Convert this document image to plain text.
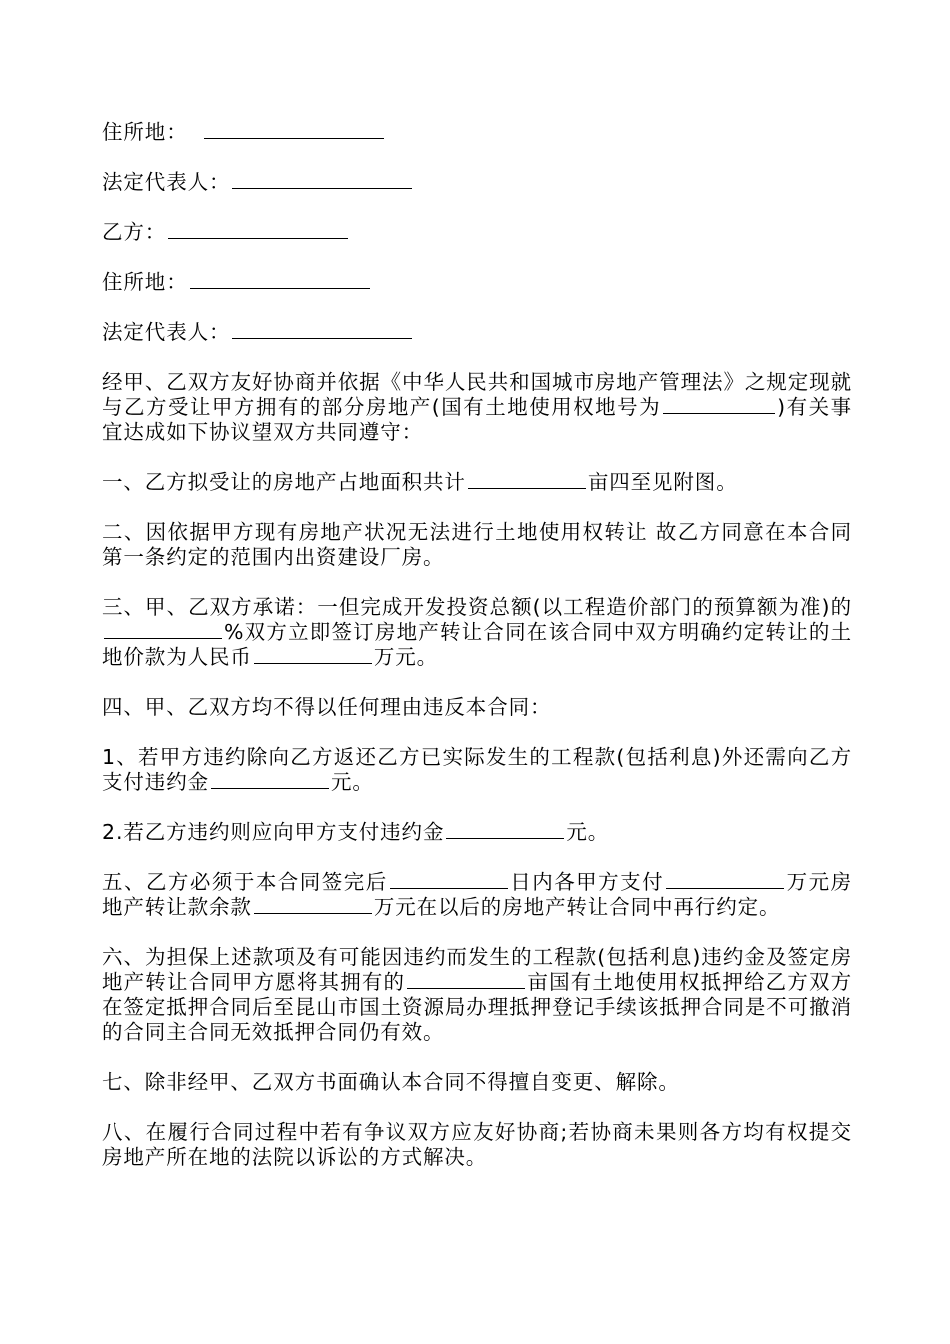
住所地：
法定代表人：
乙方：
住所地：
法定代表人：
经甲、乙双方友好协商并依据《中华人民共和国城市房地产管理法》之规定现就与乙方受让甲方拥有的部分房地产(国有土地使用权地号为	)有关事宜达成如下协议望双方共同遵守：
一、乙方拟受让的房地产占地面积共计	亩四至见附图。
二、因依据甲方现有房地产状况无法进行土地使用权转让 故乙方同意在本合同第一条约定的范围内出资建设厂房。
三、甲、乙双方承诺：一但完成开发投资总额(以工程造价部门的预算额为准)的%双方立即签订房地产转让合同在该合同中双方明确约定转让的土地价款为人民币	万元。
四、甲、乙双方均不得以任何理由违反本合同：
1、若甲方违约除向乙方返还乙方已实际发生的工程款(包括利息)外还需向乙方支付违约金	元。
2.若乙方违约则应向甲方支付违约金	元。
五、乙方必须于本合同签完后	日内各甲方支付	万元房地产转让款余款	万元在以后的房地产转让合同中再行约定。
六、为担保上述款项及有可能因违约而发生的工程款(包括利息)违约金及签定房地产转让合同甲方愿将其拥有的	亩国有土地使用权抵押给乙方双方在签定抵押合同后至昆山市国土资源局办理抵押登记手续该抵押合同是不可撤消的合同主合同无效抵押合同仍有效。
七、除非经甲、乙双方书面确认本合同不得擅自变更、解除。
八、在履行合同过程中若有争议双方应友好协商;若协商未果则各方均有权提交房地产所在地的法院以诉讼的方式解决。
